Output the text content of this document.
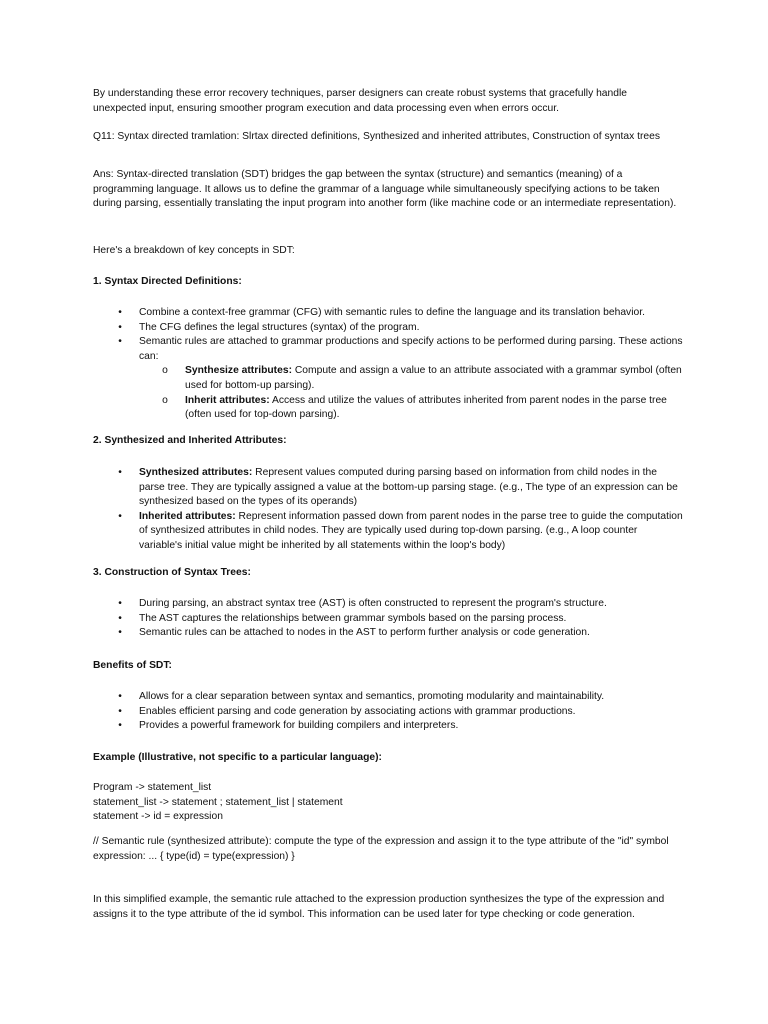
By understanding these error recovery techniques, parser designers can create robust systems that gracefully handle unexpected input, ensuring smoother program execution and data processing even when errors occur.

Q11: Syntax directed tramlation: Slrtax directed definitions, Synthesized and inherited attributes, Construction of syntax trees

Ans: Syntax-directed translation (SDT) bridges the gap between the syntax (structure) and semantics (meaning) of a programming language. It allows us to define the grammar of a language while simultaneously specifying actions to be taken during parsing, essentially translating the input program into another form (like machine code or an intermediate representation).

Here's a breakdown of key concepts in SDT:

1. Syntax Directed Definitions:

•	Combine a context-free grammar (CFG) with semantic rules to define the language and its translation behavior.
•	The CFG defines the legal structures (syntax) of the program.
•	Semantic rules are attached to grammar productions and specify actions to be performed during parsing. These actions can:
o Synthesize attributes: Compute and assign a value to an attribute associated with a grammar symbol (often used for bottom-up parsing).
o Inherit attributes: Access and utilize the values of attributes inherited from parent nodes in the parse tree (often used for top-down parsing).

2. Synthesized and Inherited Attributes:

•	Synthesized attributes: Represent values computed during parsing based on information from child nodes in the parse tree. They are typically assigned a value at the bottom-up parsing stage. (e.g., The type of an expression can be synthesized based on the types of its operands)
•	Inherited attributes: Represent information passed down from parent nodes in the parse tree to guide the computation of synthesized attributes in child nodes. They are typically used during top-down parsing. (e.g., A loop counter variable's initial value might be inherited by all statements within the loop's body)

3. Construction of Syntax Trees:

•	During parsing, an abstract syntax tree (AST) is often constructed to represent the program's structure.
•	The AST captures the relationships between grammar symbols based on the parsing process.
•	Semantic rules can be attached to nodes in the AST to perform further analysis or code generation.

Benefits of SDT:

•	Allows for a clear separation between syntax and semantics, promoting modularity and maintainability.
•	Enables efficient parsing and code generation by associating actions with grammar productions.
•	Provides a powerful framework for building compilers and interpreters.

Example (Illustrative, not specific to a particular language):

Program -> statement_list
statement_list -> statement ; statement_list | statement
statement -> id = expression

// Semantic rule (synthesized attribute): compute the type of the expression and assign it to the type attribute of the "id" symbol
expression: ... { type(id) = type(expression) }

In this simplified example, the semantic rule attached to the expression production synthesizes the type of the expression and assigns it to the type attribute of the id symbol. This information can be used later for type checking or code generation.
